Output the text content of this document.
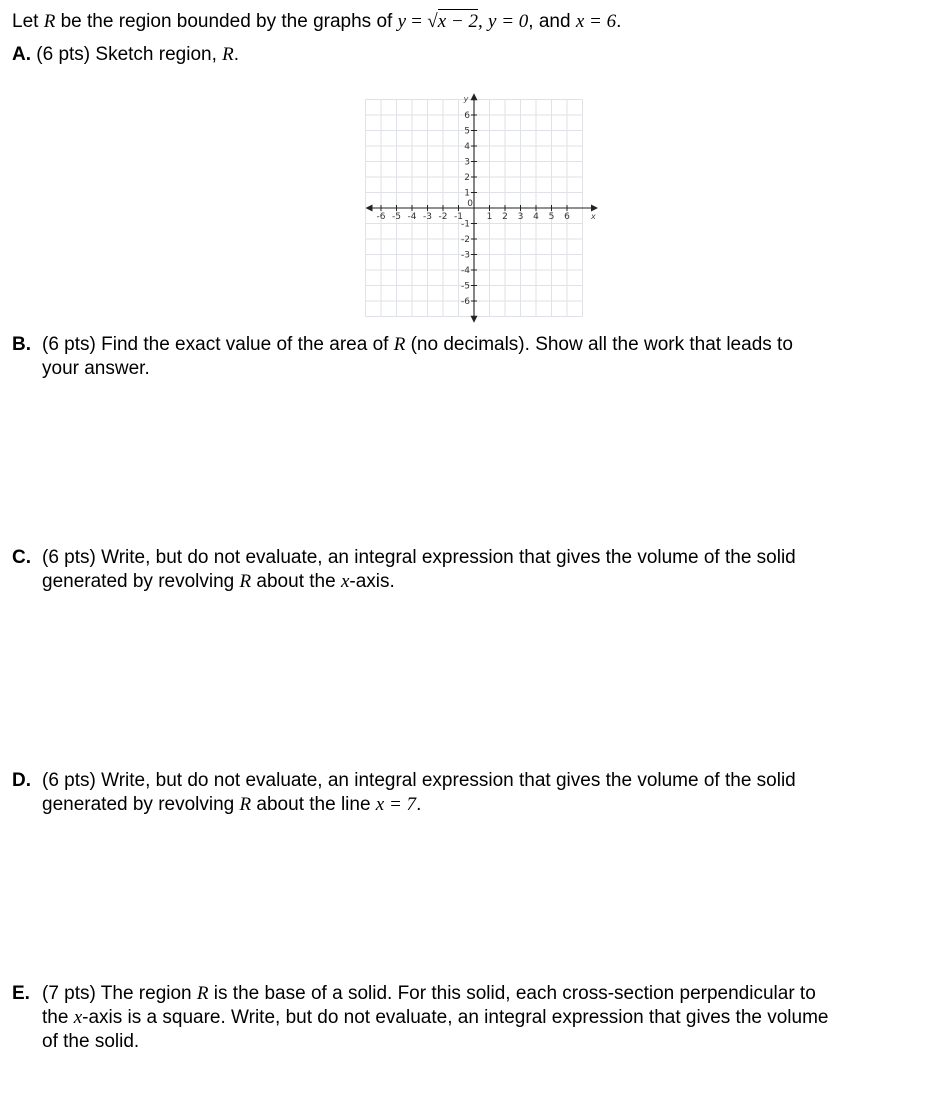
Let R be the region bounded by the graphs of y = √x − 2, y = 0, and x = 6.
A. (6 pts) Sketch region, R.
x
y
-6 -5 -4 -3 -2 -1	1 2 3 4 5 6
6
5
4
3
2
1
-1
-2
-3
-4
-5
-6
0
B. (6 pts) Find the exact value of the area of R (no decimals). Show all the work that leads to
your answer.
C. (6 pts) Write, but do not evaluate, an integral expression that gives the volume of the solid
generated by revolving R about the x-axis.
D. (6 pts) Write, but do not evaluate, an integral expression that gives the volume of the solid
generated by revolving R about the line x = 7.
E. (7 pts) The region R is the base of a solid. For this solid, each cross-section perpendicular to
the x-axis is a square. Write, but do not evaluate, an integral expression that gives the volume
of the solid.
